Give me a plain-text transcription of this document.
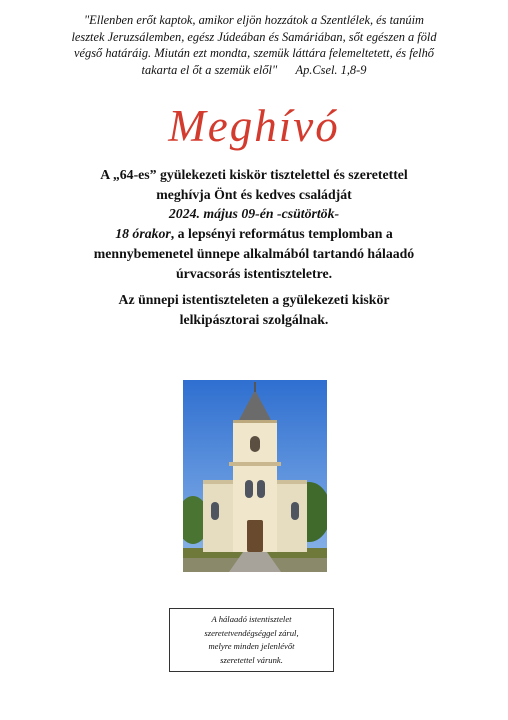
"Ellenben erőt kaptok, amikor eljön hozzátok a Szentlélek, és tanúim
lesztek Jeruzsálemben, egész Júdeában és Samáriában, sőt egészen a föld
végső határáig. Miután ezt mondta, szemük láttára felemeltetett, és felhő
takarta el őt a szemük elől" Ap.Csel. 1,8-9
Meghívó

A „64-es” gyülekezeti kiskör tisztelettel és szeretettel

meghívja Önt és kedves családját

2024. május 09-én -csütörtök-

18 órakor, a lepsényi református templomban a

mennybemenetel ünnepe alkalmából tartandó hálaadó

úrvacsorás istentiszteletre.

Az ünnepi istentiszteleten a gyülekezeti kiskör

lelkipásztorai szolgálnak.

A hálaadó istentisztelet

szeretetvendégséggel zárul,

melyre minden jelenlévőt

szeretettel várunk.
